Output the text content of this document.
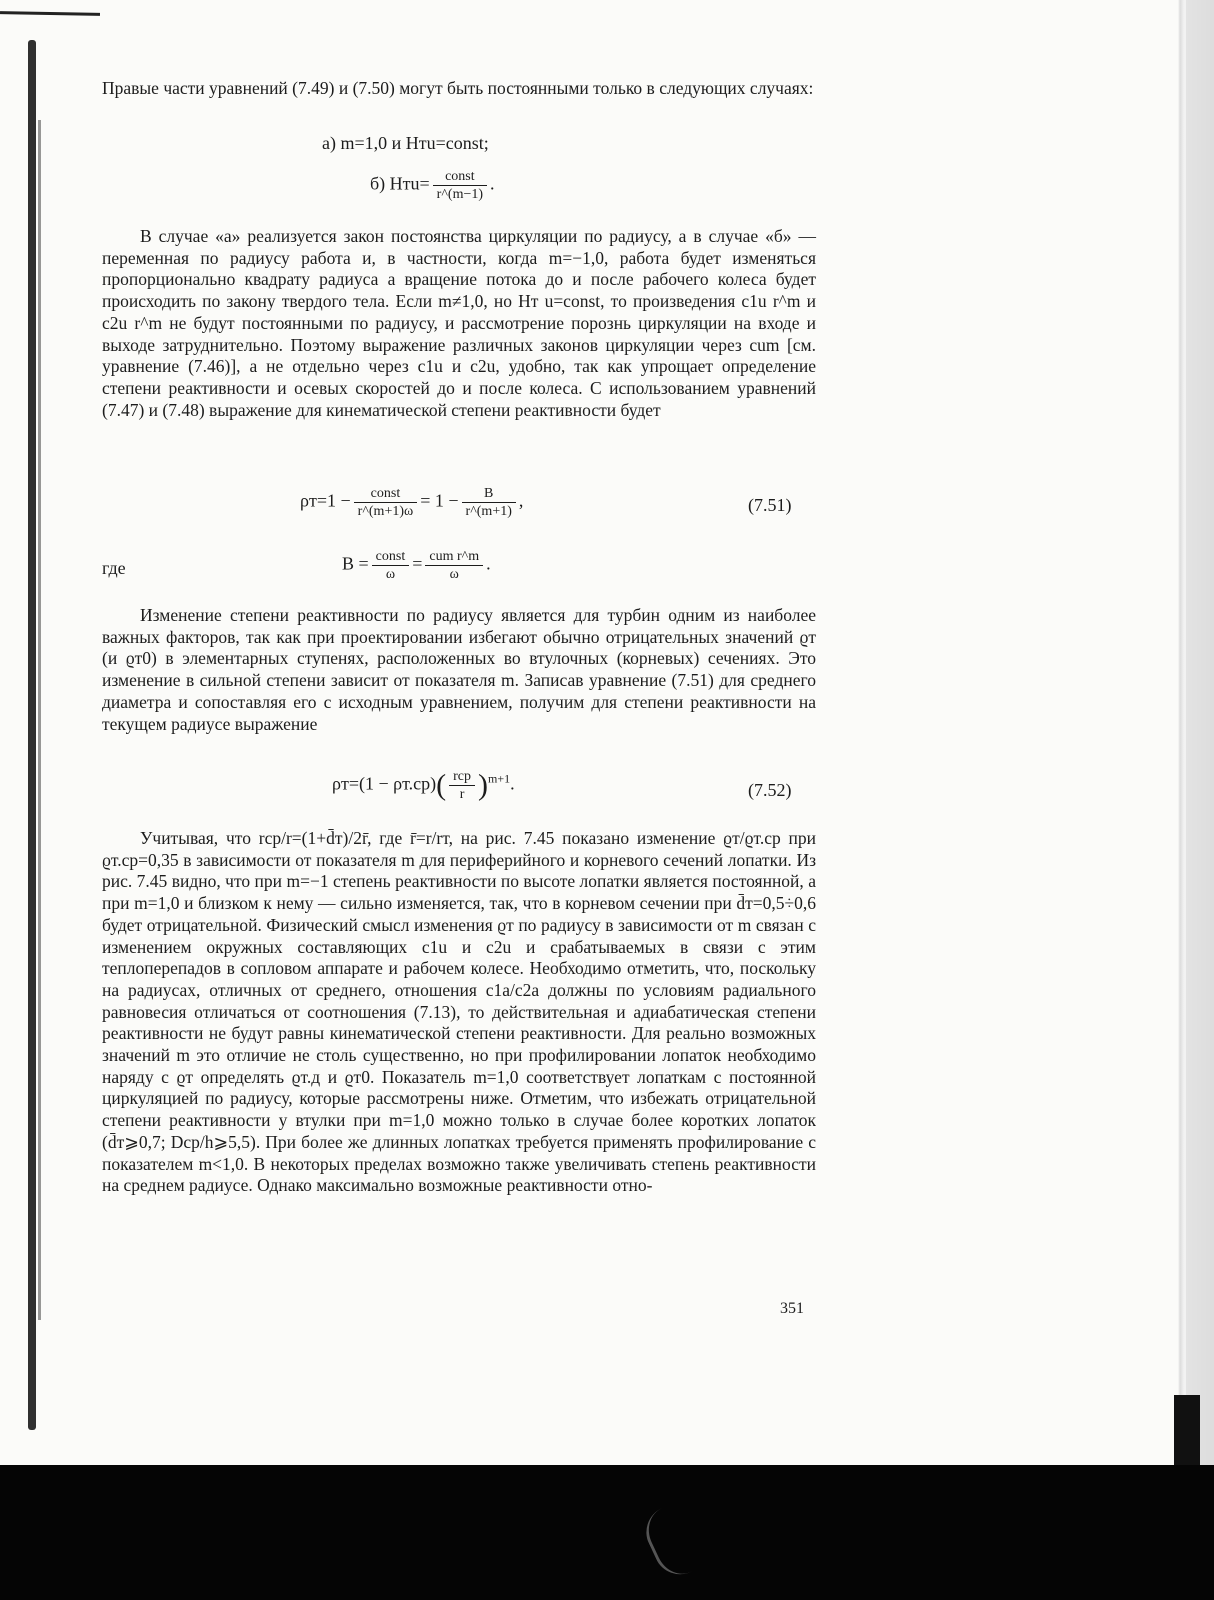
Правые части уравнений (7.49) и (7.50) могут быть постоянными только в следующих случаях:

а) m=1,0 и Hтu=const;
б) $Hтu= \frac{\text{const}}{r\^{}(m-1)}$ .

В случае «а» реализуется закон постоянства циркуляции по радиусу, а в случае «б» — переменная по радиусу работа и, в частности, когда m=−1,0, работа будет изменяться пропорционально квадрату радиуса а вращение потока до и после рабочего колеса будет происходить по закону твердого тела. Если m≠1,0, но Hт u=const, то произведения c1u r^m и c2u r^m не будут постоянными по радиусу, и рассмотрение порознь циркуляции на входе и выходе затруднительно. Поэтому выражение различных законов циркуляции через cum [см. уравнение (7.46)], а не отдельно через c1u и c2u, удобно, так как упрощает определение степени реактивности и осевых скоростей до и после колеса. С использованием уравнений (7.47) и (7.48) выражение для кинематической степени реактивности будет

$\rho т=1 - \frac{\text{const}}{r\^{}(m+1)\omega} = 1 - \frac{B}{r\^{}(m+1)}$ ,	(7.51)
где	$B = \frac{\text{const}}{\omega} = \frac{\text{cum r\textasciicircum{}m}}{\omega}$ .

Изменение степени реактивности по радиусу является для турбин одним из наиболее важных факторов, так как при проектировании избегают обычно отрицательных значений ϱт (и ϱт0) в элементарных ступенях, расположенных во втулочных (корневых) сечениях. Это изменение в сильной степени зависит от показателя m. Записав уравнение (7.51) для среднего диаметра и сопоставляя его с исходным уравнением, получим для степени реактивности на текущем радиусе выражение

$\rho т=(1 - \rho т.ср)( \frac{\text{rср}}{r} )^{m+1}$.	(7.52)

Учитывая, что rср/r=(1+d̄т)/2r̄, где r̄=r/rт, на рис. 7.45 показано изменение ϱт/ϱт.ср при ϱт.ср=0,35 в зависимости от показателя m для периферийного и корневого сечений лопатки. Из рис. 7.45 видно, что при m=−1 степень реактивности по высоте лопатки является постоянной, а при m=1,0 и близком к нему — сильно изменяется, так, что в корневом сечении при d̄т=0,5÷0,6 будет отрицательной. Физический смысл изменения ϱт по радиусу в зависимости от m связан с изменением окружных составляющих c1u и c2u и срабатываемых в связи с этим теплоперепадов в сопловом аппарате и рабочем колесе. Необходимо отметить, что, поскольку на радиусах, отличных от среднего, отношения c1a/c2a должны по условиям радиального равновесия отличаться от соотношения (7.13), то действительная и адиабатическая степени реактивности не будут равны кинематической степени реактивности. Для реально возможных значений m это отличие не столь существенно, но при профилировании лопаток необходимо наряду с ϱт определять ϱт.д и ϱт0. Показатель m=1,0 соответствует лопаткам с постоянной циркуляцией по радиусу, которые рассмотрены ниже. Отметим, что избежать отрицательной степени реактивности у втулки при m=1,0 можно только в случае более коротких лопаток (d̄т⩾0,7; Dср/h⩾5,5). При более же длинных лопатках требуется применять профилирование с показателем m<1,0. В некоторых пределах возможно также увеличивать степень реактивности на среднем радиусе. Однако максимально возможные реактивности отно-

351
